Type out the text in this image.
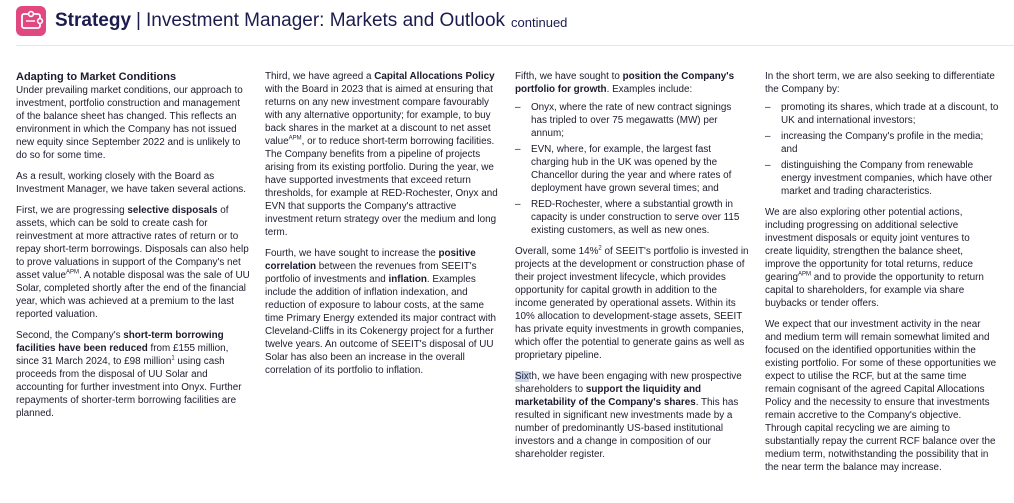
Strategy | Investment Manager: Markets and Outlook continued
Adapting to Market Conditions

Under prevailing market conditions, our approach to investment, portfolio construction and management of the balance sheet has changed. This reflects an environment in which the Company has not issued new equity since September 2022 and is unlikely to do so for some time.

As a result, working closely with the Board as Investment Manager, we have taken several actions.

First, we are progressing selective disposals of assets, which can be sold to create cash for reinvestment at more attractive rates of return or to repay short-term borrowings. Disposals can also help to prove valuations in support of the Company's net asset value$^{APM}$. A notable disposal was the sale of UU Solar, completed shortly after the end of the financial year, which was achieved at a premium to the last reported valuation.

Second, the Company's short-term borrowing facilities have been reduced from £155 million, since 31 March 2024, to £98 million$^1$ using cash proceeds from the disposal of UU Solar and accounting for further investment into Onyx. Further repayments of shorter-term borrowing facilities are planned.

Third, we have agreed a Capital Allocations Policy with the Board in 2023 that is aimed at ensuring that returns on any new investment compare favourably with any alternative opportunity; for example, to buy back shares in the market at a discount to net asset value$^{APM}$, or to reduce short-term borrowing facilities. The Company benefits from a pipeline of projects arising from its existing portfolio. During the year, we have supported investments that exceed return thresholds, for example at RED-Rochester, Onyx and EVN that supports the Company's attractive investment return strategy over the medium and long term.

Fourth, we have sought to increase the positive correlation between the revenues from SEEIT's portfolio of investments and inflation. Examples include the addition of inflation indexation, and reduction of exposure to labour costs, at the same time Primary Energy extended its major contract with Cleveland-Cliffs in its Cokenergy project for a further twelve years. An outcome of SEEIT's disposal of UU Solar has also been an increase in the overall correlation of its portfolio to inflation.

Fifth, we have sought to position the Company's portfolio for growth. Examples include:

– Onyx, where the rate of new contract signings has tripled to over 75 megawatts (MW) per annum;
– EVN, where, for example, the largest fast charging hub in the UK was opened by the Chancellor during the year and where rates of deployment have grown several times; and
– RED-Rochester, where a substantial growth in capacity is under construction to serve over 115 existing customers, as well as new ones.

Overall, some 14%$^2$ of SEEIT's portfolio is invested in projects at the development or construction phase of their project investment lifecycle, which provides opportunity for capital growth in addition to the income generated by operational assets. Within its 10% allocation to development-stage assets, SEEIT has private equity investments in growth companies, which offer the potential to generate gains as well as proprietary pipeline.

Sixth, we have been engaging with new prospective shareholders to support the liquidity and marketability of the Company's shares. This has resulted in significant new investments made by a number of predominantly US-based institutional investors and a change in composition of our shareholder register.

In the short term, we are also seeking to differentiate the Company by:

– promoting its shares, which trade at a discount, to UK and international investors;
– increasing the Company's profile in the media; and
– distinguishing the Company from renewable energy investment companies, which have other market and trading characteristics.

We are also exploring other potential actions, including progressing on additional selective investment disposals or equity joint ventures to create liquidity, strengthen the balance sheet, improve the opportunity for total returns, reduce gearing$^{APM}$ and to provide the opportunity to return capital to shareholders, for example via share buybacks or tender offers.

We expect that our investment activity in the near and medium term will remain somewhat limited and focused on the identified opportunities within the existing portfolio. For some of these opportunities we expect to utilise the RCF, but at the same time remain cognisant of the agreed Capital Allocations Policy and the necessity to ensure that investments remain accretive to the Company's objective. Through capital recycling we are aiming to substantially repay the current RCF balance over the medium term, notwithstanding the possibility that in the near term the balance may increase.
